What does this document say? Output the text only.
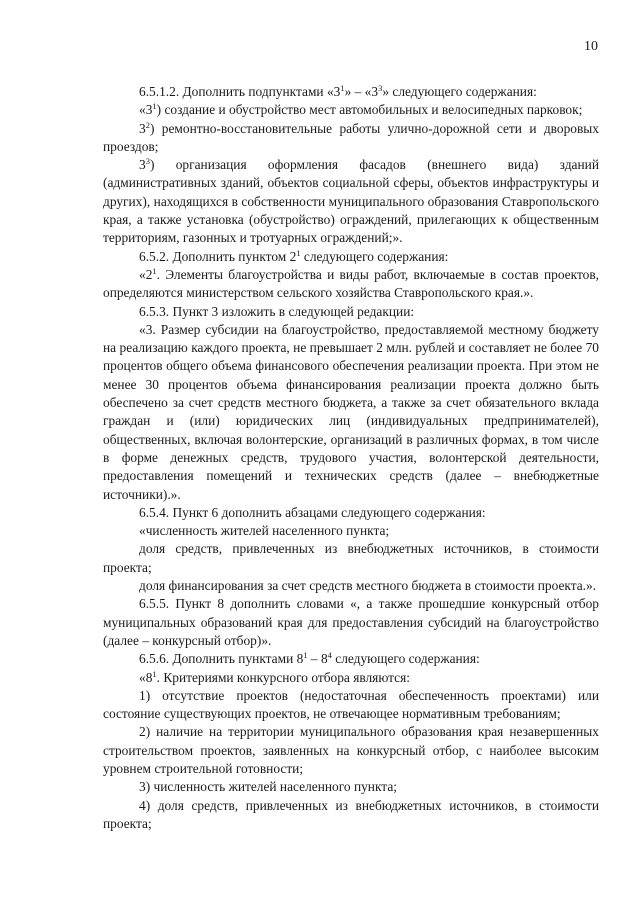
10

6.5.1.2. Дополнить подпунктами «$3^1$» – «$3^3$» следующего содержания:

«$3^1$) создание и обустройство мест автомобильных и велосипедных парковок;

$3^2$) ремонтно-восстановительные работы улично-дорожной сети и дворовых проездов;

$3^3$) организация оформления фасадов (внешнего вида) зданий (административных зданий, объектов социальной сферы, объектов инфраструктуры и других), находящихся в собственности муниципального образования Ставропольского края, а также установка (обустройство) ограждений, прилегающих к общественным территориям, газонных и тротуарных ограждений;».

6.5.2. Дополнить пунктом $2^1$ следующего содержания:

«$2^1$. Элементы благоустройства и виды работ, включаемые в состав проектов, определяются министерством сельского хозяйства Ставропольского края.».

6.5.3. Пункт 3 изложить в следующей редакции:

«3. Размер субсидии на благоустройство, предоставляемой местному бюджету на реализацию каждого проекта, не превышает 2 млн. рублей и составляет не более 70 процентов общего объема финансового обеспечения реализации проекта. При этом не менее 30 процентов объема финансирования реализации проекта должно быть обеспечено за счет средств местного бюджета, а также за счет обязательного вклада граждан и (или) юридических лиц (индивидуальных предпринимателей), общественных, включая волонтерские, организаций в различных формах, в том числе в форме денежных средств, трудового участия, волонтерской деятельности, предоставления помещений и технических средств (далее – внебюджетные источники).».

6.5.4. Пункт 6 дополнить абзацами следующего содержания:

«численность жителей населенного пункта;

доля средств, привлеченных из внебюджетных источников, в стоимости проекта;

доля финансирования за счет средств местного бюджета в стоимости проекта.».

6.5.5. Пункт 8 дополнить словами «, а также прошедшие конкурсный отбор муниципальных образований края для предоставления субсидий на благоустройство (далее – конкурсный отбор)».

6.5.6. Дополнить пунктами $8^1 - 8^4$ следующего содержания:

«$8^1$. Критериями конкурсного отбора являются:

1) отсутствие проектов (недостаточная обеспеченность проектами) или состояние существующих проектов, не отвечающее нормативным требованиям;

2) наличие на территории муниципального образования края незавершенных строительством проектов, заявленных на конкурсный отбор, с наиболее высоким уровнем строительной готовности;

3) численность жителей населенного пункта;

4) доля средств, привлеченных из внебюджетных источников, в стоимости проекта;
